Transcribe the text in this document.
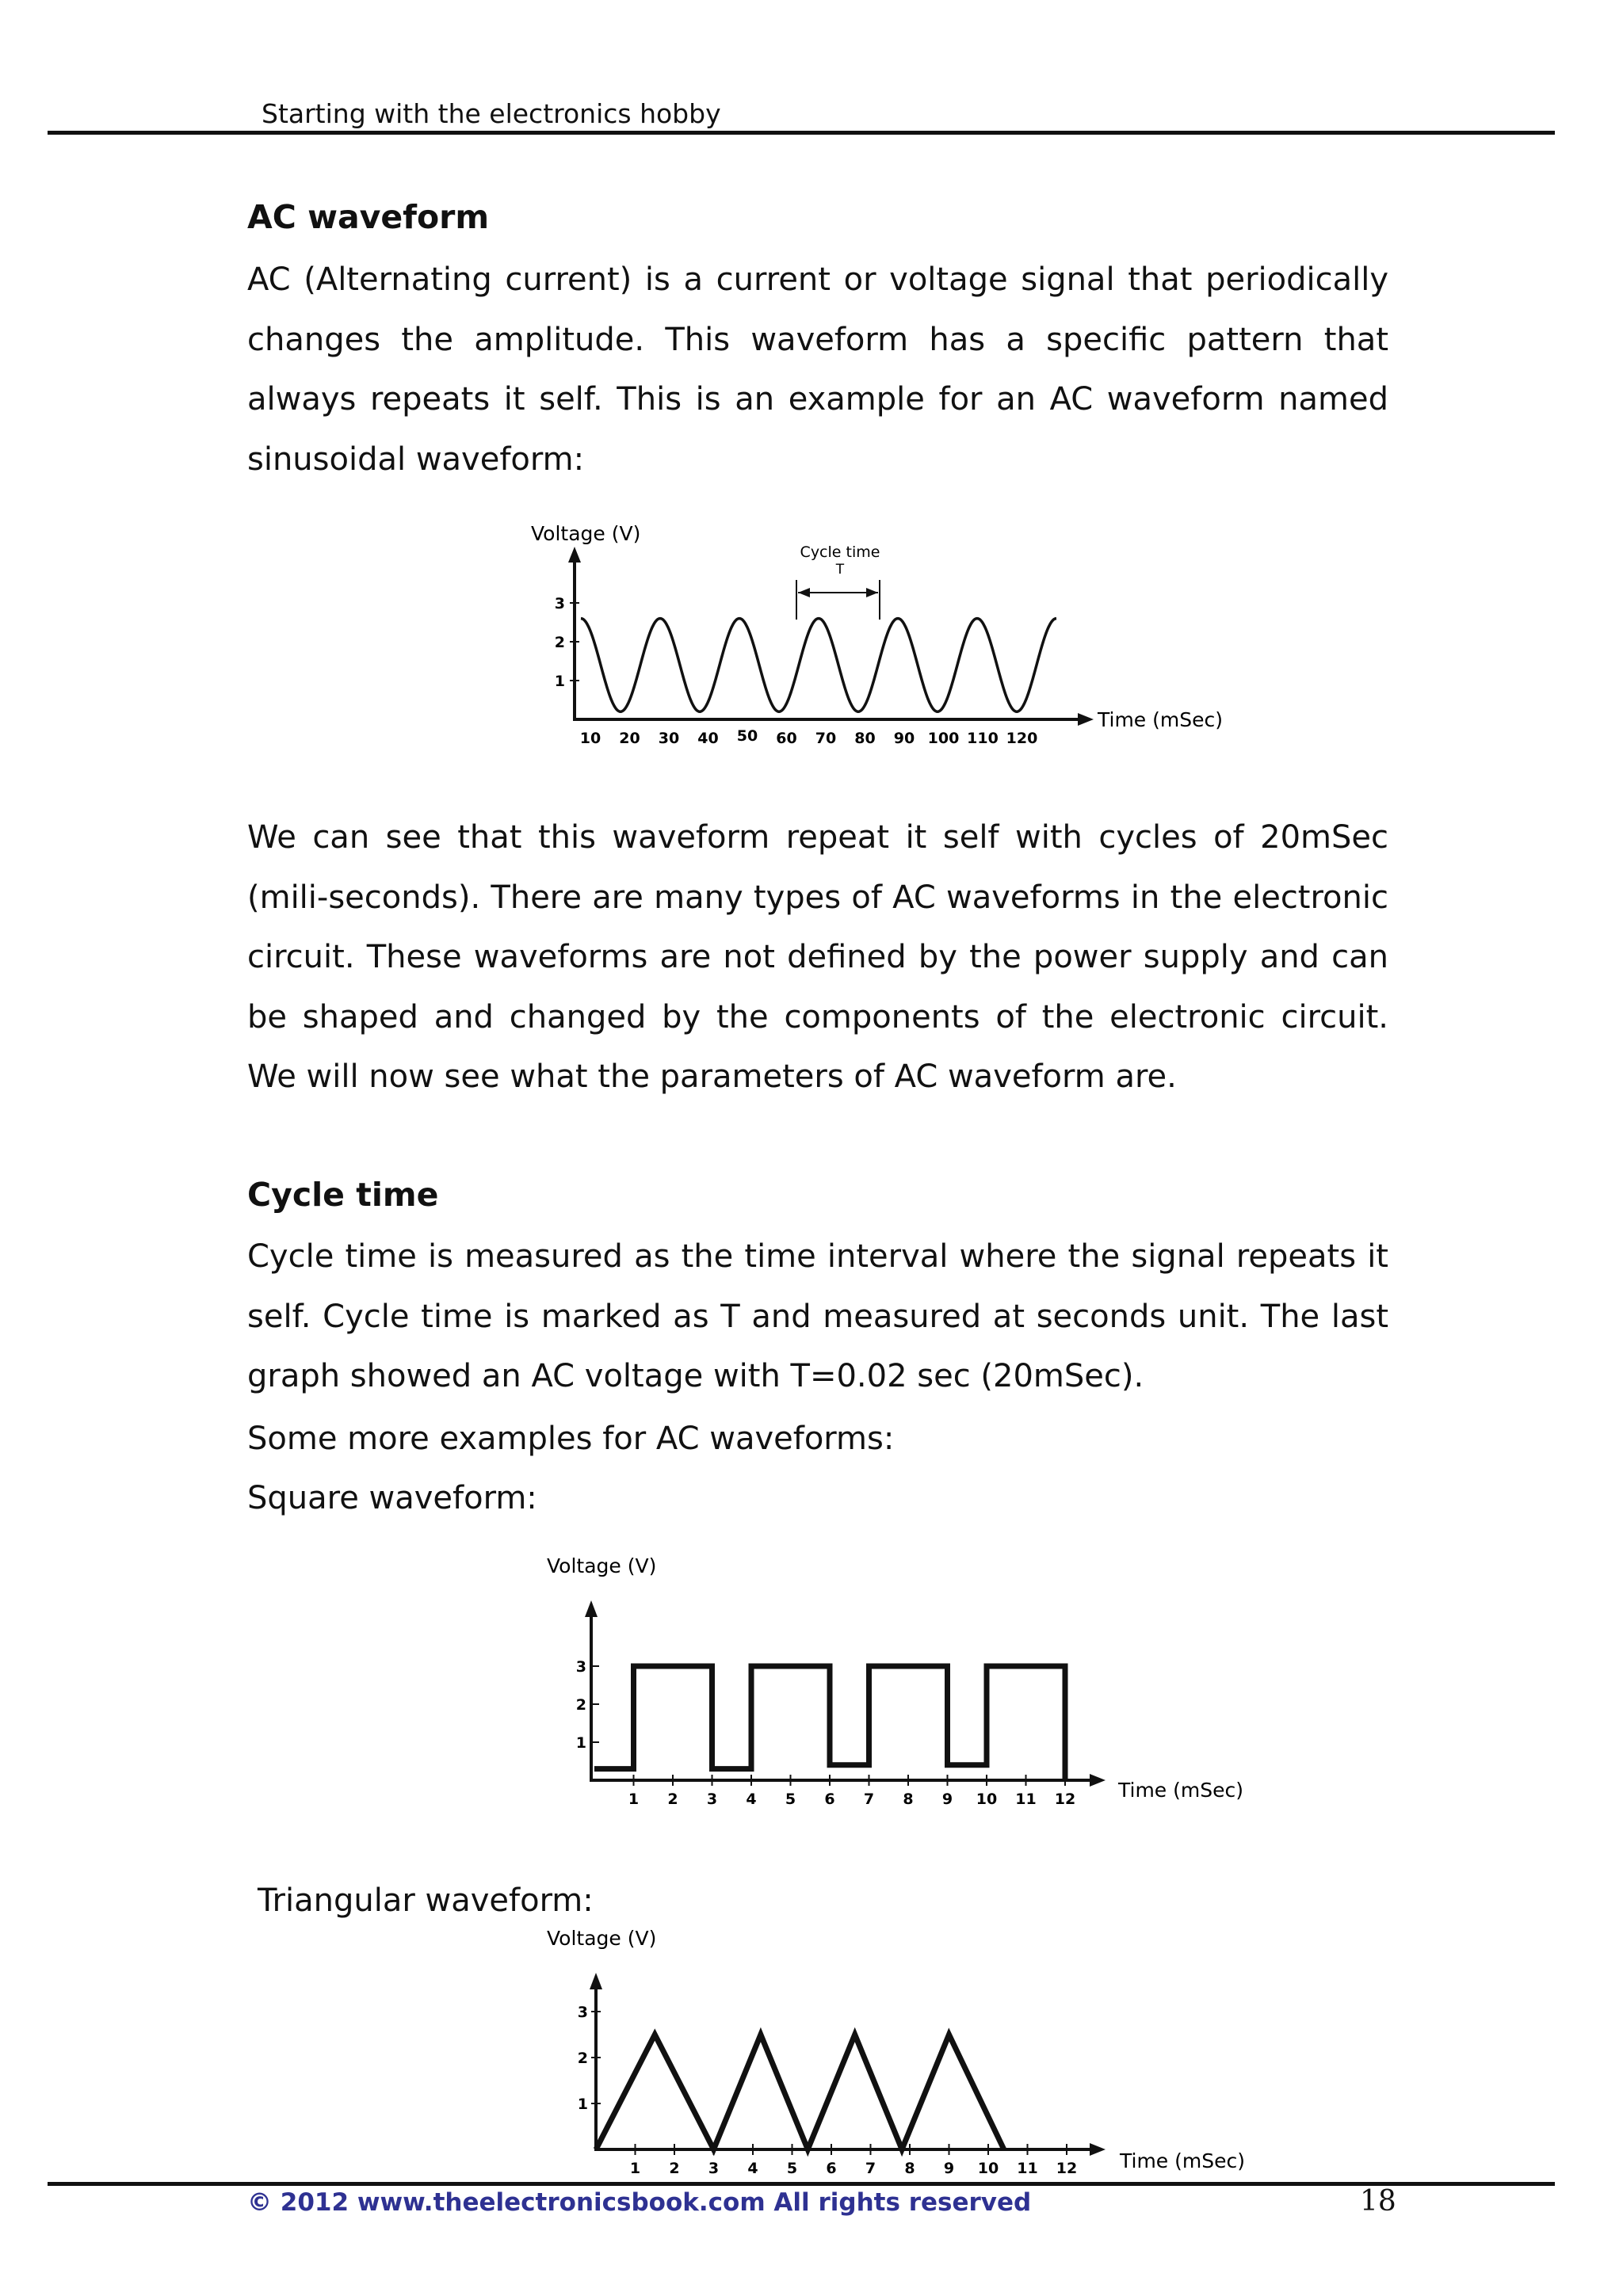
Starting with the electronics hobby
AC waveform

AC (Alternating current) is a current or voltage signal that periodically changes the amplitude. This waveform has a specific pattern that always repeats it self. This is an example for an AC waveform named sinusoidal waveform:

Voltage (V)
Cycle time
T
Time (mSec)
1
2
3
10 20 30 40 50 60 70 80 90 100 110 120

We can see that this waveform repeat it self with cycles of 20mSec (mili-seconds). There are many types of AC waveforms in the electronic circuit. These waveforms are not defined by the power supply and can be shaped and changed by the components of the electronic circuit. We will now see what the parameters of AC waveform are.

Cycle time

Cycle time is measured as the time interval where the signal repeats it self. Cycle time is marked as T and measured at seconds unit. The last graph showed an AC voltage with T=0.02 sec (20mSec).

Some more examples for AC waveforms:
Square waveform:
Voltage (V)
Time (mSec)
1
2
3
1 2 3 4 5 6 7 8 9 10 11 12
Triangular waveform:
Voltage (V)
Time (mSec)
1
2
3
1 2 3 4 5 6 7 8 9 10 11 12
© 2012 www.theelectronicsbook.com All rights reserved	18
